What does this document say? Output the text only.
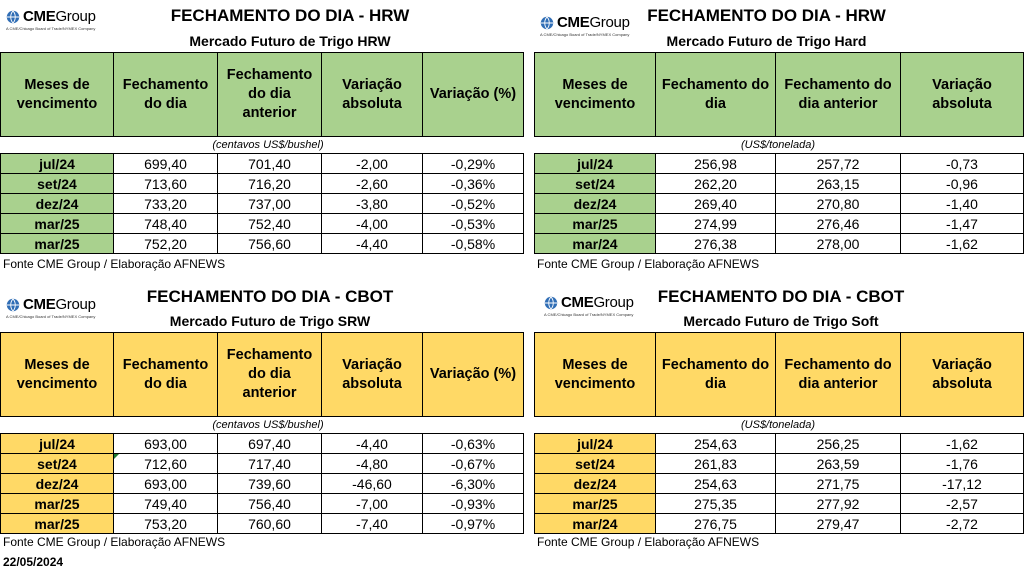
CMEGroup
A CME/Chicago Board of Trade/NYMEX Company
FECHAMENTO DO DIA - HRW
Mercado Futuro de Trigo HRW
Meses de vencimento	Fechamento do dia	Fechamento do dia anterior	Variação absoluta	Variação (%)
	(centavos US$/bushel)			
jul/24	699,40	701,40	-2,00	-0,29%
set/24	713,60	716,20	-2,60	-0,36%
dez/24	733,20	737,00	-3,80	-0,52%
mar/25	748,40	752,40	-4,00	-0,53%
mar/25	752,20	756,60	-4,40	-0,58%
Fonte CME Group / Elaboração AFNEWS
CMEGroup
A CME/Chicago Board of Trade/NYMEX Company
FECHAMENTO DO DIA - HRW
Mercado Futuro de Trigo Hard
Meses de vencimento	Fechamento do dia	Fechamento do dia anterior	Variação absoluta
	(US$/tonelada)		
jul/24	256,98	257,72	-0,73
set/24	262,20	263,15	-0,96
dez/24	269,40	270,80	-1,40
mar/25	274,99	276,46	-1,47
mar/24	276,38	278,00	-1,62
Fonte CME Group / Elaboração AFNEWS
CMEGroup
A CME/Chicago Board of Trade/NYMEX Company
FECHAMENTO DO DIA - CBOT
Mercado Futuro de Trigo SRW
Meses de vencimento	Fechamento do dia	Fechamento do dia anterior	Variação absoluta	Variação (%)
	(centavos US$/bushel)			
jul/24	693,00	697,40	-4,40	-0,63%
set/24	712,60	717,40	-4,80	-0,67%
dez/24	693,00	739,60	-46,60	-6,30%
mar/25	749,40	756,40	-7,00	-0,93%
mar/25	753,20	760,60	-7,40	-0,97%
Fonte CME Group / Elaboração AFNEWS
CMEGroup
A CME/Chicago Board of Trade/NYMEX Company
FECHAMENTO DO DIA - CBOT
Mercado Futuro de Trigo Soft
Meses de vencimento	Fechamento do dia	Fechamento do dia anterior	Variação absoluta
	(US$/tonelada)		
jul/24	254,63	256,25	-1,62
set/24	261,83	263,59	-1,76
dez/24	254,63	271,75	-17,12
mar/25	275,35	277,92	-2,57
mar/24	276,75	279,47	-2,72
Fonte CME Group / Elaboração AFNEWS
22/05/2024
